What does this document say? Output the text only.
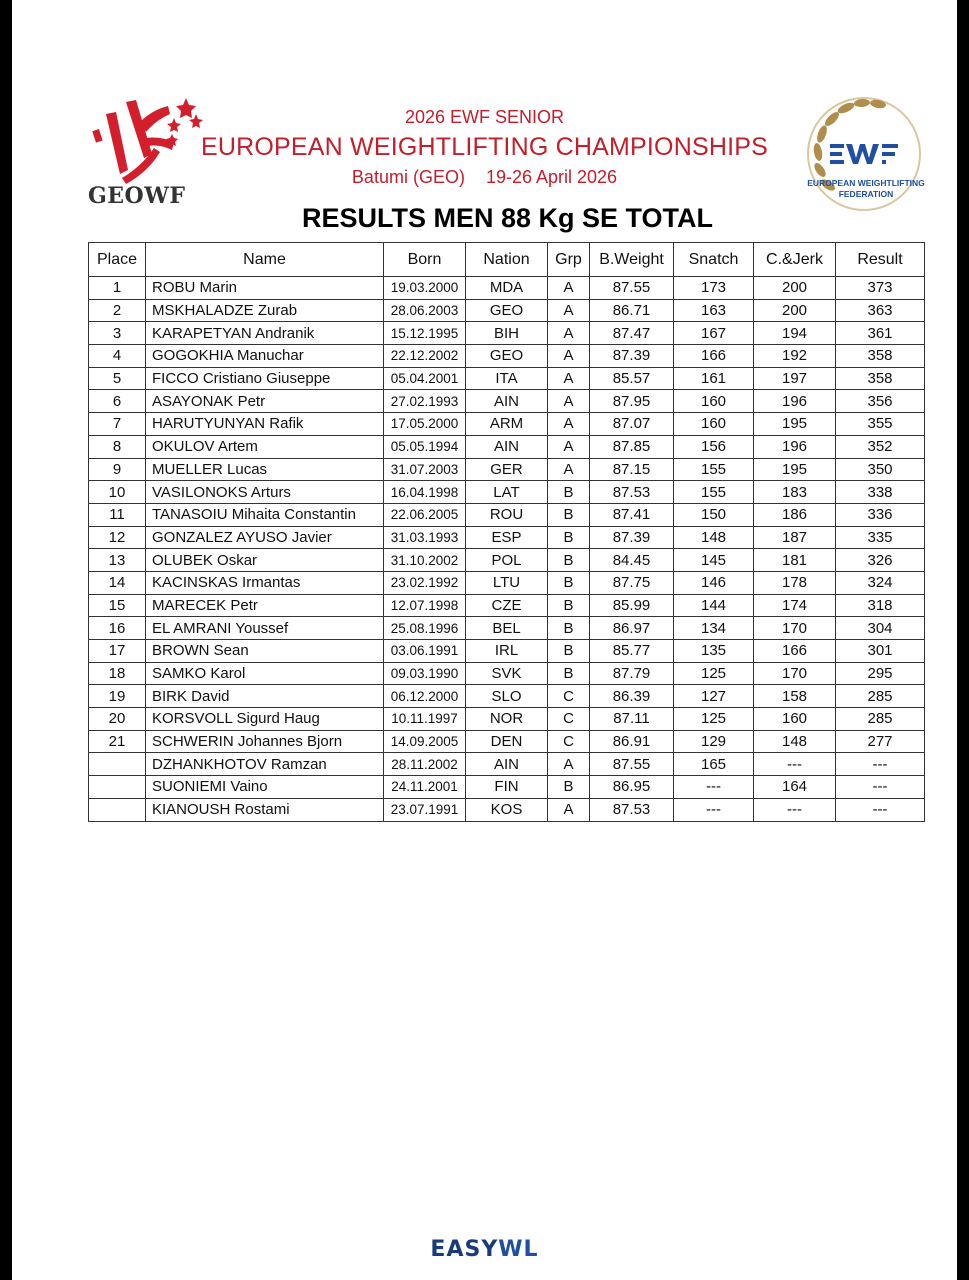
GEOWF	EUROPEAN WEIGHTLIFTING
FEDERATION
2026 EWF SENIOR
EUROPEAN WEIGHTLIFTING CHAMPIONSHIPS
Batumi (GEO) 19-26 April 2026
RESULTS MEN 88 Kg SE TOTAL
Place	Name	Born	Nation	Grp	B.Weight	Snatch	C.&Jerk	Result
1	ROBU Marin	19.03.2000	MDA	A	87.55	173	200	373
2	MSKHALADZE Zurab	28.06.2003	GEO	A	86.71	163	200	363
3	KARAPETYAN Andranik	15.12.1995	BIH	A	87.47	167	194	361
4	GOGOKHIA Manuchar	22.12.2002	GEO	A	87.39	166	192	358
5	FICCO Cristiano Giuseppe	05.04.2001	ITA	A	85.57	161	197	358
6	ASAYONAK Petr	27.02.1993	AIN	A	87.95	160	196	356
7	HARUTYUNYAN Rafik	17.05.2000	ARM	A	87.07	160	195	355
8	OKULOV Artem	05.05.1994	AIN	A	87.85	156	196	352
9	MUELLER Lucas	31.07.2003	GER	A	87.15	155	195	350
10	VASILONOKS Arturs	16.04.1998	LAT	B	87.53	155	183	338
11	TANASOIU Mihaita Constantin	22.06.2005	ROU	B	87.41	150	186	336
12	GONZALEZ AYUSO Javier	31.03.1993	ESP	B	87.39	148	187	335
13	OLUBEK Oskar	31.10.2002	POL	B	84.45	145	181	326
14	KACINSKAS Irmantas	23.02.1992	LTU	B	87.75	146	178	324
15	MARECEK Petr	12.07.1998	CZE	B	85.99	144	174	318
16	EL AMRANI Youssef	25.08.1996	BEL	B	86.97	134	170	304
17	BROWN Sean	03.06.1991	IRL	B	85.77	135	166	301
18	SAMKO Karol	09.03.1990	SVK	B	87.79	125	170	295
19	BIRK David	06.12.2000	SLO	C	86.39	127	158	285
20	KORSVOLL Sigurd Haug	10.11.1997	NOR	C	87.11	125	160	285
21	SCHWERIN Johannes Bjorn	14.09.2005	DEN	C	86.91	129	148	277
	DZHANKHOTOV Ramzan	28.11.2002	AIN	A	87.55	165	---	---
	SUONIEMI Vaino	24.11.2001	FIN	B	86.95	---	164	---
	KIANOUSH Rostami	23.07.1991	KOS	A	87.53	---	---	---
EASYWL
